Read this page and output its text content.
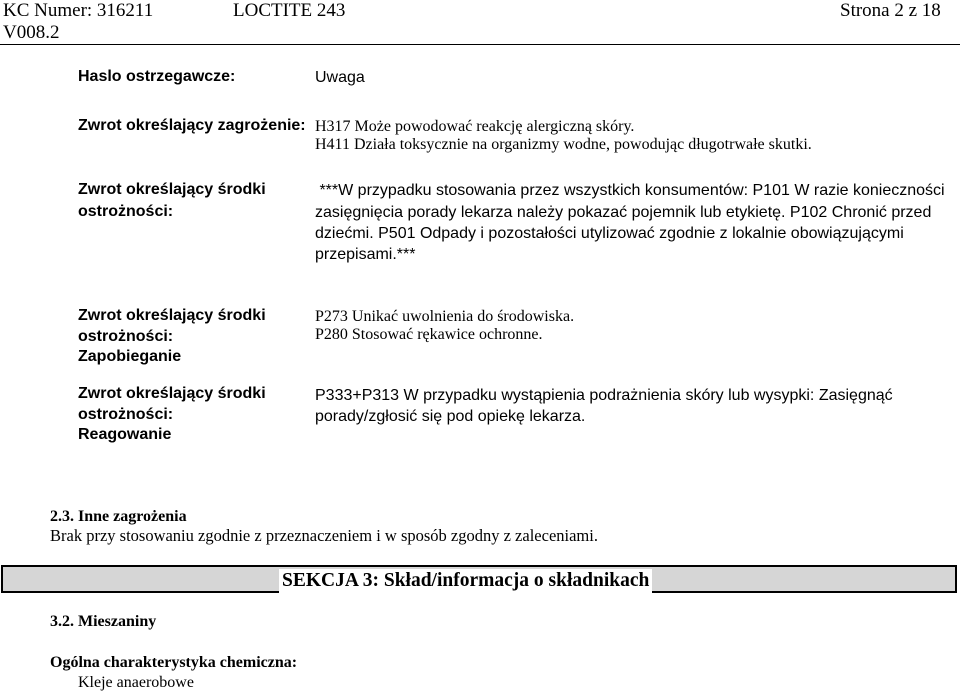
KC Numer: 316211	LOCTITE 243	Strona 2 z 18
V008.2
Haslo ostrzegawcze:	Uwaga
Zwrot określający zagrożenie: H317 Może powodować reakcję alergiczną skóry.
H411 Działa toksycznie na organizmy wodne, powodując długotrwałe skutki.
Zwrot określający środki
ostrożności:
***W przypadku stosowania przez wszystkich konsumentów: P101 W razie konieczności
zasięgnięcia porady lekarza należy pokazać pojemnik lub etykietę. P102 Chronić przed
dziećmi. P501 Odpady i pozostałości utylizować zgodnie z lokalnie obowiązującymi
przepisami.***
Zwrot określający środki
ostrożności:
Zapobieganie
P273 Unikać uwolnienia do środowiska.
P280 Stosować rękawice ochronne.
Zwrot określający środki
ostrożności:
Reagowanie
P333+P313 W przypadku wystąpienia podrażnienia skóry lub wysypki: Zasięgnąć
porady/zgłosić się pod opiekę lekarza.
2.3. Inne zagrożenia
Brak przy stosowaniu zgodnie z przeznaczeniem i w sposób zgodny z zaleceniami.
SEKCJA 3: Skład/informacja o składnikach
3.2. Mieszaniny
Ogólna charakterystyka chemiczna:
Kleje anaerobowe
